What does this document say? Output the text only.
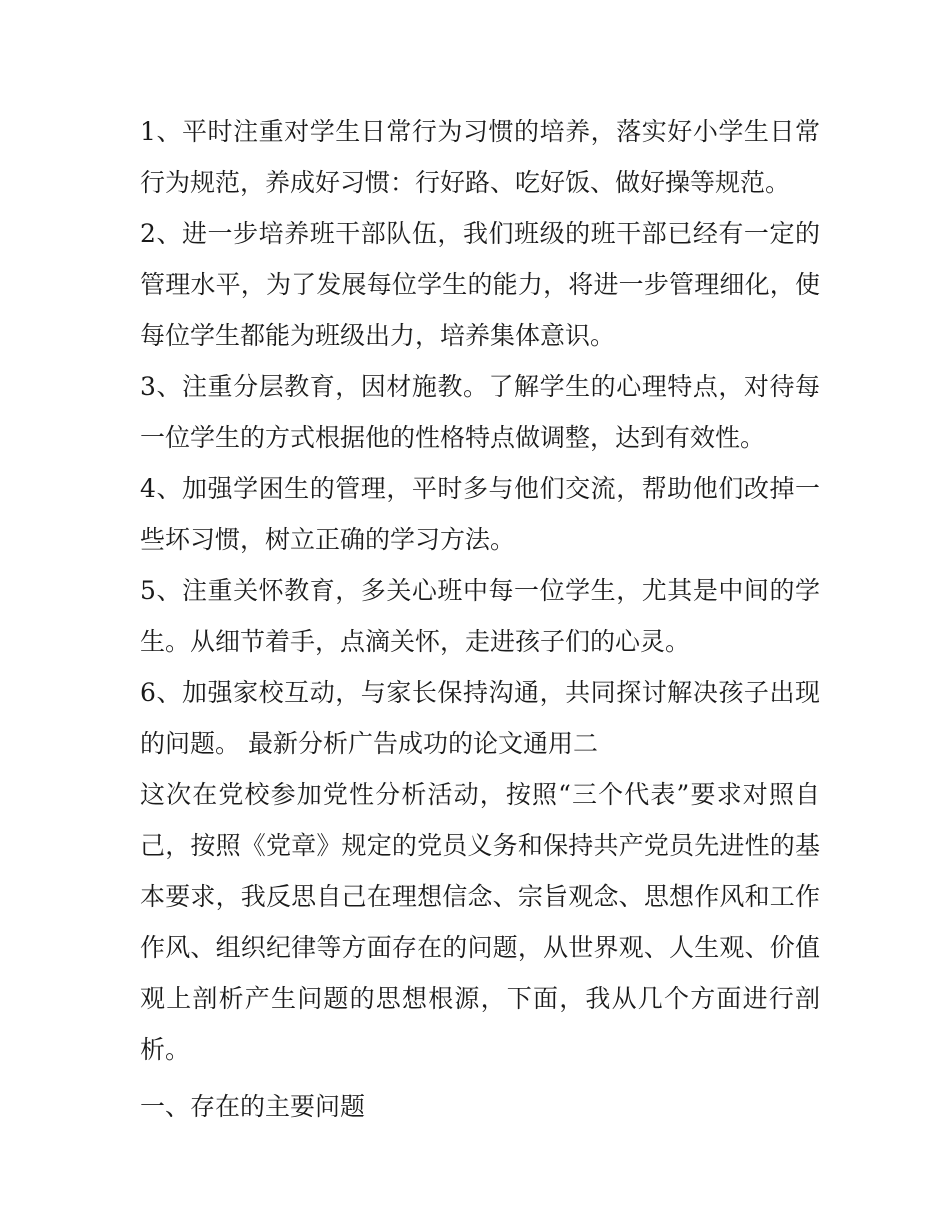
1、平时注重对学生日常行为习惯的培养，落实好小学生日常行为规范，养成好习惯：行好路、吃好饭、做好操等规范。

2、进一步培养班干部队伍，我们班级的班干部已经有一定的管理水平，为了发展每位学生的能力，将进一步管理细化，使每位学生都能为班级出力，培养集体意识。

3、注重分层教育，因材施教。了解学生的心理特点，对待每一位学生的方式根据他的性格特点做调整，达到有效性。

4、加强学困生的管理，平时多与他们交流，帮助他们改掉一些坏习惯，树立正确的学习方法。

5、注重关怀教育，多关心班中每一位学生，尤其是中间的学生。从细节着手，点滴关怀，走进孩子们的心灵。

6、加强家校互动，与家长保持沟通，共同探讨解决孩子出现的问题。 最新分析广告成功的论文通用二

这次在党校参加党性分析活动，按照“三个代表”要求对照自己，按照《党章》规定的党员义务和保持共产党员先进性的基本要求，我反思自己在理想信念、宗旨观念、思想作风和工作作风、组织纪律等方面存在的问题，从世界观、人生观、价值观上剖析产生问题的思想根源，下面，我从几个方面进行剖析。

一、存在的主要问题
